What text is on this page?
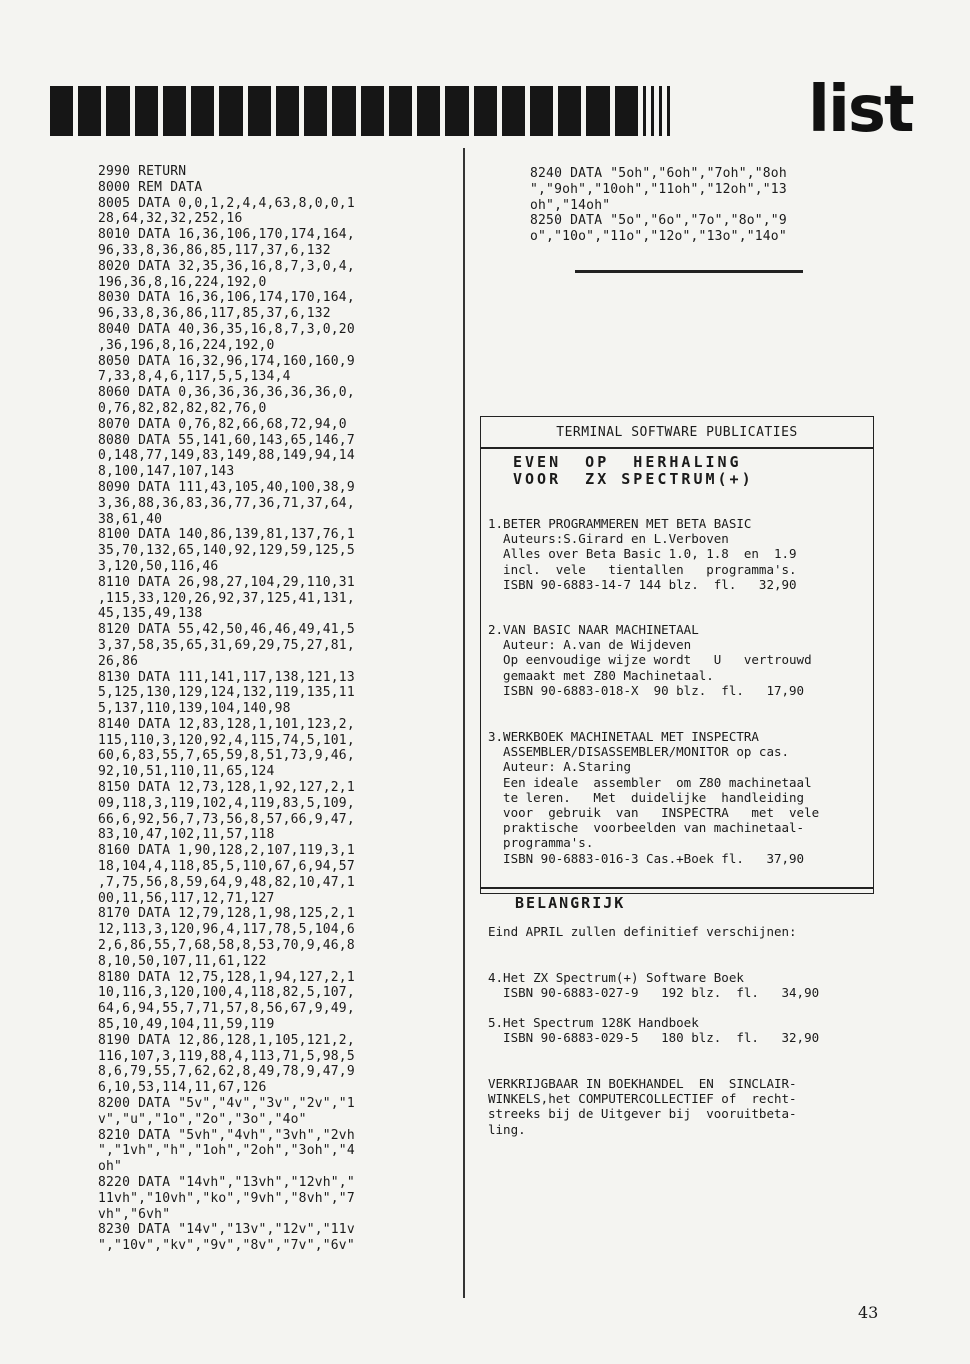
list
2990 RETURN
8000 REM DATA
8005 DATA 0,0,1,2,4,4,63,8,0,0,1
28,64,32,32,252,16
8010 DATA 16,36,106,170,174,164,
96,33,8,36,86,85,117,37,6,132
8020 DATA 32,35,36,16,8,7,3,0,4,
196,36,8,16,224,192,0
8030 DATA 16,36,106,174,170,164,
96,33,8,36,86,117,85,37,6,132
8040 DATA 40,36,35,16,8,7,3,0,20
,36,196,8,16,224,192,0
8050 DATA 16,32,96,174,160,160,9
7,33,8,4,6,117,5,5,134,4
8060 DATA 0,36,36,36,36,36,36,0,
0,76,82,82,82,82,76,0
8070 DATA 0,76,82,66,68,72,94,0
8080 DATA 55,141,60,143,65,146,7
0,148,77,149,83,149,88,149,94,14
8,100,147,107,143
8090 DATA 111,43,105,40,100,38,9
3,36,88,36,83,36,77,36,71,37,64,
38,61,40
8100 DATA 140,86,139,81,137,76,1
35,70,132,65,140,92,129,59,125,5
3,120,50,116,46
8110 DATA 26,98,27,104,29,110,31
,115,33,120,26,92,37,125,41,131,
45,135,49,138
8120 DATA 55,42,50,46,46,49,41,5
3,37,58,35,65,31,69,29,75,27,81,
26,86
8130 DATA 111,141,117,138,121,13
5,125,130,129,124,132,119,135,11
5,137,110,139,104,140,98
8140 DATA 12,83,128,1,101,123,2,
115,110,3,120,92,4,115,74,5,101,
60,6,83,55,7,65,59,8,51,73,9,46,
92,10,51,110,11,65,124
8150 DATA 12,73,128,1,92,127,2,1
09,118,3,119,102,4,119,83,5,109,
66,6,92,56,7,73,56,8,57,66,9,47,
83,10,47,102,11,57,118
8160 DATA 1,90,128,2,107,119,3,1
18,104,4,118,85,5,110,67,6,94,57
,7,75,56,8,59,64,9,48,82,10,47,1
00,11,56,117,12,71,127
8170 DATA 12,79,128,1,98,125,2,1
12,113,3,120,96,4,117,78,5,104,6
2,6,86,55,7,68,58,8,53,70,9,46,8
8,10,50,107,11,61,122
8180 DATA 12,75,128,1,94,127,2,1
10,116,3,120,100,4,118,82,5,107,
64,6,94,55,7,71,57,8,56,67,9,49,
85,10,49,104,11,59,119
8190 DATA 12,86,128,1,105,121,2,
116,107,3,119,88,4,113,71,5,98,5
8,6,79,55,7,62,62,8,49,78,9,47,9
6,10,53,114,11,67,126
8200 DATA "5v","4v","3v","2v","1
v","u","1o","2o","3o","4o"
8210 DATA "5vh","4vh","3vh","2vh
","1vh","h","1oh","2oh","3oh","4
oh"
8220 DATA "14vh","13vh","12vh","
11vh","10vh","ko","9vh","8vh","7
vh","6vh"
8230 DATA "14v","13v","12v","11v
","10v","kv","9v","8v","7v","6v"
8240 DATA "5oh","6oh","7oh","8oh
","9oh","10oh","11oh","12oh","13
oh","14oh"
8250 DATA "5o","6o","7o","8o","9
o","10o","11o","12o","13o","14o"
TERMINAL SOFTWARE PUBLICATIES
EVEN  OP  HERHALING
VOOR  ZX SPECTRUM(+)
1.BETER PROGRAMMEREN MET BETA BASIC
Auteurs:S.Girard en L.Verboven
Alles over Beta Basic 1.0, 1.8  en  1.9
incl.  vele   tientallen   programma's.
ISBN 90-6883-14-7 144 blz.  fl.   32,90
2.VAN BASIC NAAR MACHINETAAL
Auteur: A.van de Wijdeven
Op eenvoudige wijze wordt   U   vertrouwd
gemaakt met Z80 Machinetaal.
ISBN 90-6883-018-X  90 blz.  fl.   17,90
3.WERKBOEK MACHINETAAL MET INSPECTRA
ASSEMBLER/DISASSEMBLER/MONITOR op cas.
Auteur: A.Staring
Een ideale  assembler  om Z80 machinetaal
te leren.   Met  duidelijke  handleiding
voor  gebruik  van   INSPECTRA   met  vele
praktische  voorbeelden van machinetaal-
programma's.
ISBN 90-6883-016-3 Cas.+Boek fl.   37,90
BELANGRIJK
Eind APRIL zullen definitief verschijnen:
4.Het ZX Spectrum(+) Software Boek
ISBN 90-6883-027-9   192 blz.  fl.   34,90
5.Het Spectrum 128K Handboek
ISBN 90-6883-029-5   180 blz.  fl.   32,90
VERKRIJGBAAR IN BOEKHANDEL  EN  SINCLAIR-
WINKELS,het COMPUTERCOLLECTIEF of  recht-
streeks bij de Uitgever bij  vooruitbeta-
ling.
43
